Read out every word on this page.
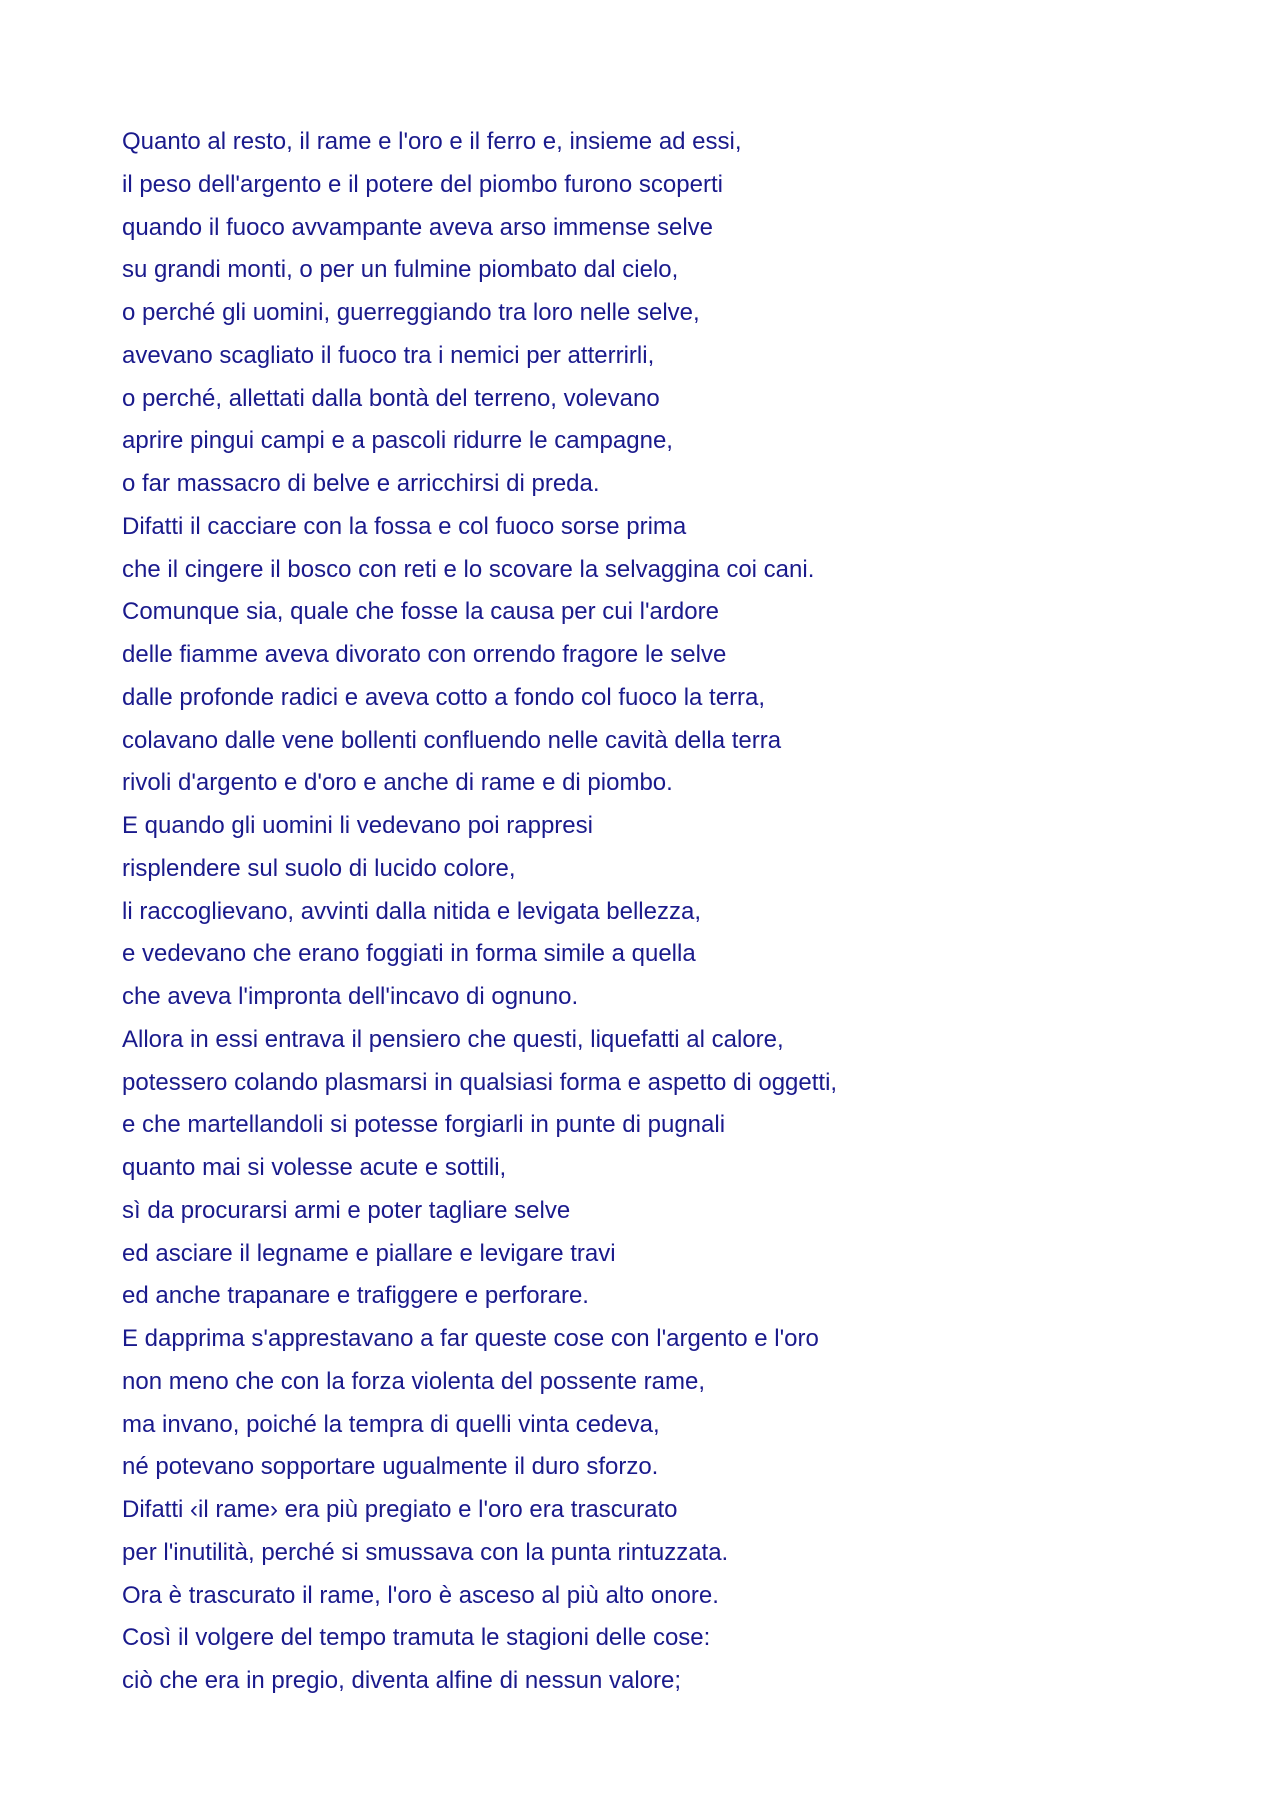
Quanto al resto, il rame e l'oro e il ferro e, insieme ad essi,

il peso dell'argento e il potere del piombo furono scoperti

quando il fuoco avvampante aveva arso immense selve

su grandi monti, o per un fulmine piombato dal cielo,

o perché gli uomini, guerreggiando tra loro nelle selve,

avevano scagliato il fuoco tra i nemici per atterrirli,

o perché, allettati dalla bontà del terreno, volevano

aprire pingui campi e a pascoli ridurre le campagne,

o far massacro di belve e arricchirsi di preda.

Difatti il cacciare con la fossa e col fuoco sorse prima

che il cingere il bosco con reti e lo scovare la selvaggina coi cani.

Comunque sia, quale che fosse la causa per cui l'ardore

delle fiamme aveva divorato con orrendo fragore le selve

dalle profonde radici e aveva cotto a fondo col fuoco la terra,

colavano dalle vene bollenti confluendo nelle cavità della terra

rivoli d'argento e d'oro e anche di rame e di piombo.

E quando gli uomini li vedevano poi rappresi

risplendere sul suolo di lucido colore,

li raccoglievano, avvinti dalla nitida e levigata bellezza,

e vedevano che erano foggiati in forma simile a quella

che aveva l'impronta dell'incavo di ognuno.

Allora in essi entrava il pensiero che questi, liquefatti al calore,

potessero colando plasmarsi in qualsiasi forma e aspetto di oggetti,

e che martellandoli si potesse forgiarli in punte di pugnali

quanto mai si volesse acute e sottili,

sì da procurarsi armi e poter tagliare selve

ed asciare il legname e piallare e levigare travi

ed anche trapanare e trafiggere e perforare.

E dapprima s'apprestavano a far queste cose con l'argento e l'oro

non meno che con la forza violenta del possente rame,

ma invano, poiché la tempra di quelli vinta cedeva,

né potevano sopportare ugualmente il duro sforzo.

Difatti ‹il rame› era più pregiato e l'oro era trascurato

per l'inutilità, perché si smussava con la punta rintuzzata.

Ora è trascurato il rame, l'oro è asceso al più alto onore.

Così il volgere del tempo tramuta le stagioni delle cose:

ciò che era in pregio, diventa alfine di nessun valore;
